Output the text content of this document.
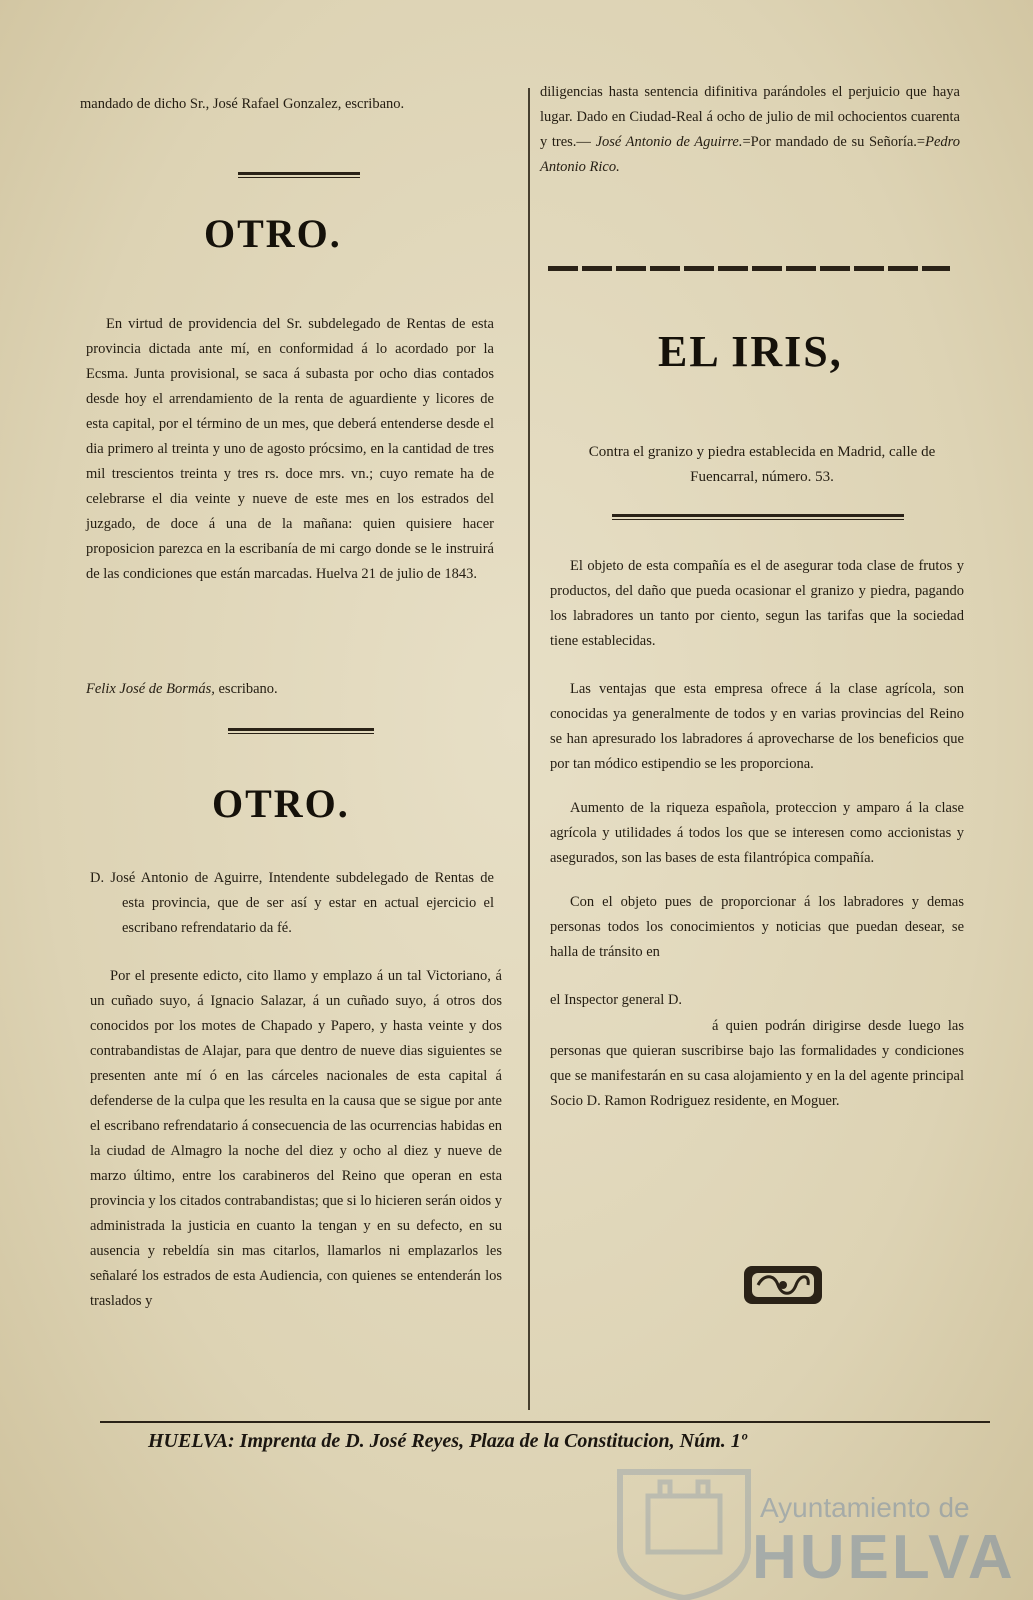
mandado de dicho Sr., José Rafael Gonzalez, escribano.

OTRO.

En virtud de providencia del Sr. subdelegado de Rentas de esta provincia dictada ante mí, en conformidad á lo acordado por la Ecsma. Junta provisional, se saca á subasta por ocho dias contados desde hoy el arrendamiento de la renta de aguardiente y licores de esta capital, por el término de un mes, que deberá entenderse desde el dia primero al treinta y uno de agosto prócsimo, en la cantidad de tres mil trescientos treinta y tres rs. doce mrs. vn.; cuyo remate ha de celebrarse el dia veinte y nueve de este mes en los estrados del juzgado, de doce á una de la mañana: quien quisiere hacer proposicion parezca en la escribanía de mi cargo donde se le instruirá de las condiciones que están marcadas. Huelva 21 de julio de 1843.

Felix José de Bormás, escribano.

OTRO.

D. José Antonio de Aguirre, Intendente subdelegado de Rentas de esta provincia, que de ser así y estar en actual ejercicio el escribano refrendatario da fé.

Por el presente edicto, cito llamo y emplazo á un tal Victoriano, á un cuñado suyo, á Ignacio Salazar, á un cuñado suyo, á otros dos conocidos por los motes de Chapado y Papero, y hasta veinte y dos contrabandistas de Alajar, para que dentro de nueve dias siguientes se presenten ante mí ó en las cárceles nacionales de esta capital á defenderse de la culpa que les resulta en la causa que se sigue por ante el escribano refrendatario á consecuencia de las ocurrencias habidas en la ciudad de Almagro la noche del diez y ocho al diez y nueve de marzo último, entre los carabineros del Reino que operan en esta provincia y los citados contrabandistas; que si lo hicieren serán oidos y administrada la justicia en cuanto la tengan y en su defecto, en su ausencia y rebeldía sin mas citarlos, llamarlos ni emplazarlos les señalaré los estrados de esta Audiencia, con quienes se entenderán los traslados y

diligencias hasta sentencia difinitiva parándoles el perjuicio que haya lugar. Dado en Ciudad-Real á ocho de julio de mil ochocientos cuarenta y tres.— José Antonio de Aguirre.=Por mandado de su Señoría.=Pedro Antonio Rico.

EL IRIS,

Contra el granizo y piedra establecida en Madrid, calle de Fuencarral, número. 53.

El objeto de esta compañía es el de asegurar toda clase de frutos y productos, del daño que pueda ocasionar el granizo y piedra, pagando los labradores un tanto por ciento, segun las tarifas que la sociedad tiene establecidas.

Las ventajas que esta empresa ofrece á la clase agrícola, son conocidas ya generalmente de todos y en varias provincias del Reino se han apresurado los labradores á aprovecharse de los beneficios que por tan módico estipendio se les proporciona.

Aumento de la riqueza española, proteccion y amparo á la clase agrícola y utilidades á todos los que se interesen como accionistas y asegurados, son las bases de esta filantrópica compañía.

Con el objeto pues de proporcionar á los labradores y demas personas todos los conocimientos y noticias que puedan desear, se halla de tránsito en

el Inspector general D.

á quien podrán dirigirse desde luego las personas que quieran suscribirse bajo las formalidades y condiciones que se manifestarán en su casa alojamiento y en la del agente principal Socio D. Ramon Rodriguez residente, en Moguer.

HUELVA: Imprenta de D. José Reyes, Plaza de la Constitucion, Núm. 1º

Ayuntamiento de

HUELVA
